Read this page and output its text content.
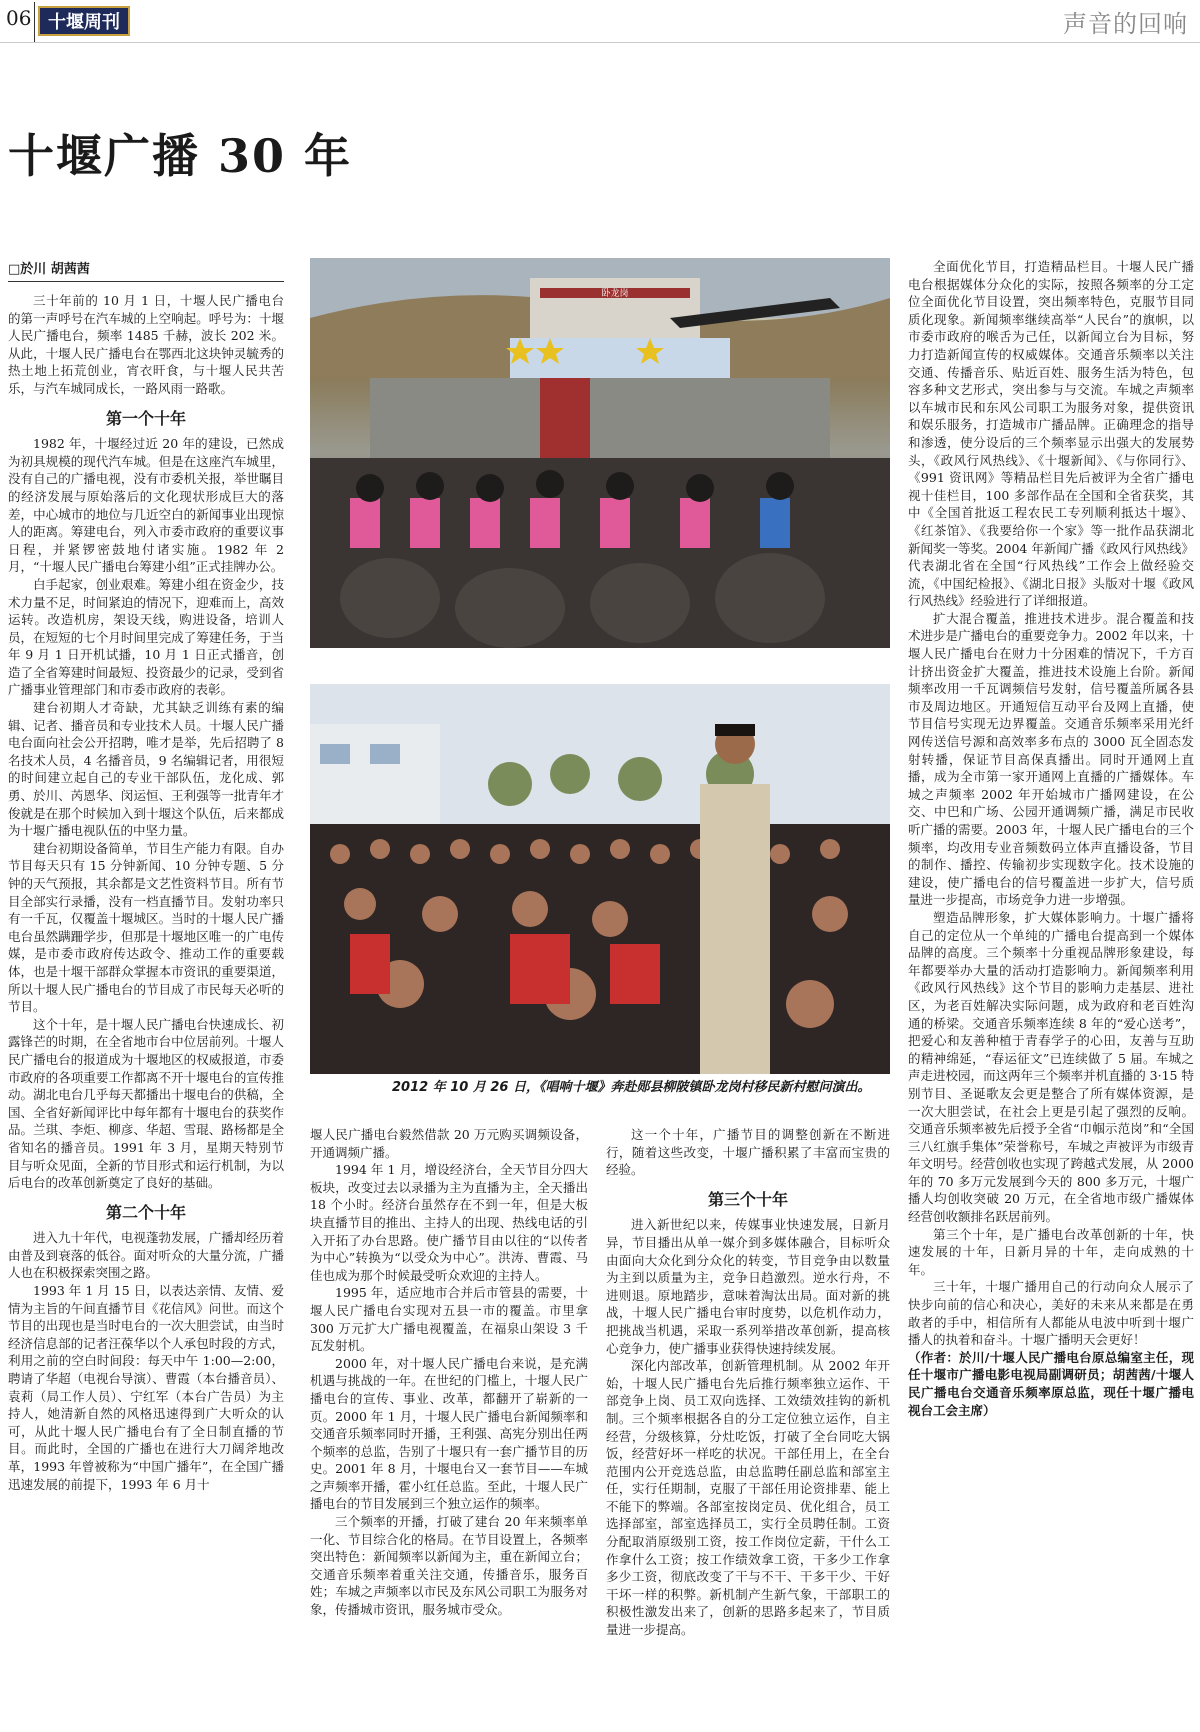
06 十堰周刊	声音的回响
十堰广播 30 年
□於川 胡茜茜

三十年前的 10 月 1 日，十堰人民广播电台的第一声呼号在汽车城的上空响起。呼号为：十堰人民广播电台，频率 1485 千赫，波长 202 米。从此，十堰人民广播电台在鄂西北这块钟灵毓秀的热土地上拓荒创业，宵衣旰食，与十堰人民共苦乐，与汽车城同成长，一路风雨一路歌。

第一个十年

1982 年，十堰经过近 20 年的建设，已然成为初具规模的现代汽车城。但是在这座汽车城里，没有自己的广播电视，没有市委机关报，举世瞩目的经济发展与原始落后的文化现状形成巨大的落差，中心城市的地位与几近空白的新闻事业出现惊人的距离。筹建电台，列入市委市政府的重要议事日程，并紧锣密鼓地付诸实施。1982 年 2 月，“十堰人民广播电台筹建小组”正式挂牌办公。

白手起家，创业艰难。筹建小组在资金少，技术力量不足，时间紧迫的情况下，迎难而上，高效运转。改造机房，架设天线，购进设备，培训人员，在短短的七个月时间里完成了筹建任务，于当年 9 月 1 日开机试播，10 月 1 日正式播音，创造了全省筹建时间最短、投资最少的记录，受到省广播事业管理部门和市委市政府的表彰。

建台初期人才奇缺，尤其缺乏训练有素的编辑、记者、播音员和专业技术人员。十堰人民广播电台面向社会公开招聘，唯才是举，先后招聘了 8 名技术人员，4 名播音员，9 名编辑记者，用很短的时间建立起自己的专业干部队伍，龙化成、郭勇、於川、芮恩华、闵运恒、王利强等一批青年才俊就是在那个时候加入到十堰这个队伍，后来都成为十堰广播电视队伍的中坚力量。

建台初期设备简单，节目生产能力有限。自办节目每天只有 15 分钟新闻、10 分钟专题、5 分钟的天气预报，其余都是文艺性资料节目。所有节目全部实行录播，没有一档直播节目。发射功率只有一千瓦，仅覆盖十堰城区。当时的十堰人民广播电台虽然蹒跚学步，但那是十堰地区唯一的广电传媒，是市委市政府传达政令、推动工作的重要载体，也是十堰干部群众掌握本市资讯的重要渠道，所以十堰人民广播电台的节目成了市民每天必听的节目。

这个十年，是十堰人民广播电台快速成长、初露锋芒的时期，在全省地市台中位居前列。十堰人民广播电台的报道成为十堰地区的权威报道，市委市政府的各项重要工作都离不开十堰电台的宣传推动。湖北电台几乎每天都播出十堰电台的供稿，全国、全省好新闻评比中每年都有十堰电台的获奖作品。兰琪、李炬、柳彦、华超、雪琨、路杨都是全省知名的播音员。1991 年 3 月，星期天特别节目与听众见面，全新的节目形式和运行机制，为以后电台的改革创新奠定了良好的基础。

第二个十年

进入九十年代，电视蓬勃发展，广播却经历着由普及到衰落的低谷。面对听众的大量分流，广播人也在积极探索突围之路。

1993 年 1 月 15 日，以表达亲情、友情、爱情为主旨的午间直播节目《花信风》问世。而这个节目的出现也是当时电台的一次大胆尝试，由当时经济信息部的记者汪葆华以个人承包时段的方式，利用之前的空白时间段：每天中午 1:00—2:00，聘请了华超（电视台导演）、曹霞（本台播音员）、袁莉（局工作人员）、宁红军（本台广告员）为主持人，她清新自然的风格迅速得到广大听众的认可，从此十堰人民广播电台有了全日制直播的节目。而此时，全国的广播也在进行大刀阔斧地改革，1993 年曾被称为“中国广播年”，在全国广播迅速发展的前提下，1993 年 6 月十

卧龙岗
2012 年 10 月 26 日，《唱响十堰》奔赴郧县柳陂镇卧龙岗村移民新村慰问演出。

堰人民广播电台毅然借款 20 万元购买调频设备，开通调频广播。

1994 年 1 月，增设经济台，全天节目分四大板块，改变过去以录播为主为直播为主，全天播出 18 个小时。经济台虽然存在不到一年，但是大板块直播节目的推出、主持人的出现、热线电话的引入开拓了办台思路。使广播节目由以往的“以传者为中心”转换为“以受众为中心”。洪涛、曹霞、马佳也成为那个时候最受听众欢迎的主持人。

1995 年，适应地市合并后市管县的需要，十堰人民广播电台实现对五县一市的覆盖。市里拿 300 万元扩大广播电视覆盖，在福泉山架设 3 千瓦发射机。

2000 年，对十堰人民广播电台来说，是充满机遇与挑战的一年。在世纪的门槛上，十堰人民广播电台的宣传、事业、改革，都翻开了崭新的一页。2000 年 1 月，十堰人民广播电台新闻频率和交通音乐频率同时开播，王利强、高宪分别出任两个频率的总监，告别了十堰只有一套广播节目的历史。2001 年 8 月，十堰电台又一套节目——车城之声频率开播，霍小红任总监。至此，十堰人民广播电台的节目发展到三个独立运作的频率。

三个频率的开播，打破了建台 20 年来频率单一化、节目综合化的格局。在节目设置上，各频率突出特色：新闻频率以新闻为主，重在新闻立台；交通音乐频率着重关注交通，传播音乐，服务百姓；车城之声频率以市民及东风公司职工为服务对象，传播城市资讯，服务城市受众。

这一个十年，广播节目的调整创新在不断进行，随着这些改变，十堰广播积累了丰富而宝贵的经验。

第三个十年

进入新世纪以来，传媒事业快速发展，日新月异，节目播出从单一媒介到多媒体融合，目标听众由面向大众化到分众化的转变，节目竞争由以数量为主到以质量为主，竞争日趋激烈。逆水行舟，不进则退。原地踏步，意味着淘汰出局。面对新的挑战，十堰人民广播电台审时度势，以危机作动力，把挑战当机遇，采取一系列举措改革创新，提高核心竞争力，使广播事业获得快速持续发展。

深化内部改革，创新管理机制。从 2002 年开始，十堰人民广播电台先后推行频率独立运作、干部竞争上岗、员工双向选择、工效绩效挂钩的新机制。三个频率根据各自的分工定位独立运作，自主经营，分级核算，分灶吃饭，打破了全台同吃大锅饭，经营好坏一样吃的状况。干部任用上，在全台范围内公开竞选总监，由总监聘任副总监和部室主任，实行任期制，克服了干部任用论资排辈、能上不能下的弊端。各部室按岗定员、优化组合，员工选择部室，部室选择员工，实行全员聘任制。工资分配取消原级别工资，按工作岗位定薪，干什么工作拿什么工资；按工作绩效拿工资，干多少工作拿多少工资，彻底改变了干与不干、干多干少、干好干坏一样的积弊。新机制产生新气象，干部职工的积极性激发出来了，创新的思路多起来了，节目质量进一步提高。

全面优化节目，打造精品栏目。十堰人民广播电台根据媒体分众化的实际，按照各频率的分工定位全面优化节目设置，突出频率特色，克服节目同质化现象。新闻频率继续高举“人民台”的旗帜，以市委市政府的喉舌为己任，以新闻立台为目标，努力打造新闻宣传的权威媒体。交通音乐频率以关注交通、传播音乐、贴近百姓、服务生活为特色，包容多种文艺形式，突出参与与交流。车城之声频率以车城市民和东风公司职工为服务对象，提供资讯和娱乐服务，打造城市广播品牌。正确理念的指导和渗透，使分设后的三个频率显示出强大的发展势头，《政风行风热线》、《十堰新闻》、《与你同行》、《991 资讯网》等精品栏目先后被评为全省广播电视十佳栏目，100 多部作品在全国和全省获奖，其中《全国首批返工程农民工专列顺利抵达十堰》、《红茶馆》、《我要给你一个家》等一批作品获湖北新闻奖一等奖。2004 年新闻广播《政风行风热线》代表湖北省在全国“行风热线”工作会上做经验交流，《中国纪检报》、《湖北日报》头版对十堰《政风行风热线》经验进行了详细报道。

扩大混合覆盖，推进技术进步。混合覆盖和技术进步是广播电台的重要竞争力。2002 年以来，十堰人民广播电台在财力十分困难的情况下，千方百计挤出资金扩大覆盖，推进技术设施上台阶。新闻频率改用一千瓦调频信号发射，信号覆盖所属各县市及周边地区。开通短信互动平台及网上直播，使节目信号实现无边界覆盖。交通音乐频率采用光纤网传送信号源和高效率多布点的 3000 瓦全固态发射转播，保证节目高保真播出。同时开通网上直播，成为全市第一家开通网上直播的广播媒体。车城之声频率 2002 年开始城市广播网建设，在公交、中巴和广场、公园开通调频广播，满足市民收听广播的需要。2003 年，十堰人民广播电台的三个频率，均改用专业音频数码立体声直播设备，节目的制作、播控、传输初步实现数字化。技术设施的建设，使广播电台的信号覆盖进一步扩大，信号质量进一步提高，市场竞争力进一步增强。

塑造品牌形象，扩大媒体影响力。十堰广播将自己的定位从一个单纯的广播电台提高到一个媒体品牌的高度。三个频率十分重视品牌形象建设，每年都要举办大量的活动打造影响力。新闻频率利用《政风行风热线》这个节目的影响力走基层、进社区，为老百姓解决实际问题，成为政府和老百姓沟通的桥梁。交通音乐频率连续 8 年的“爱心送考”，把爱心和友善种植于青春学子的心田，友善与互助的精神绵延，“春运征文”已连续做了 5 届。车城之声走进校园，而这两年三个频率并机直播的 3·15 特别节目、圣诞歌友会更是整合了所有媒体资源，是一次大胆尝试，在社会上更是引起了强烈的反响。交通音乐频率被先后授予全省“巾帼示范岗”和“全国三八红旗手集体”荣誉称号，车城之声被评为市级青年文明号。经营创收也实现了跨越式发展，从 2000 年的 70 多万元发展到今天的 800 多万元，十堰广播人均创收突破 20 万元，在全省地市级广播媒体经营创收额排名跃居前列。

第三个十年，是广播电台改革创新的十年，快速发展的十年，日新月异的十年，走向成熟的十年。

三十年，十堰广播用自己的行动向众人展示了快步向前的信心和决心，美好的未来从来都是在勇敢者的手中，相信所有人都能从电波中听到十堰广播人的执着和奋斗。十堰广播明天会更好！

（作者：於川/十堰人民广播电台原总编室主任，现任十堰市广播电影电视局副调研员；胡茜茜/十堰人民广播电台交通音乐频率原总监，现任十堰广播电视台工会主席）
